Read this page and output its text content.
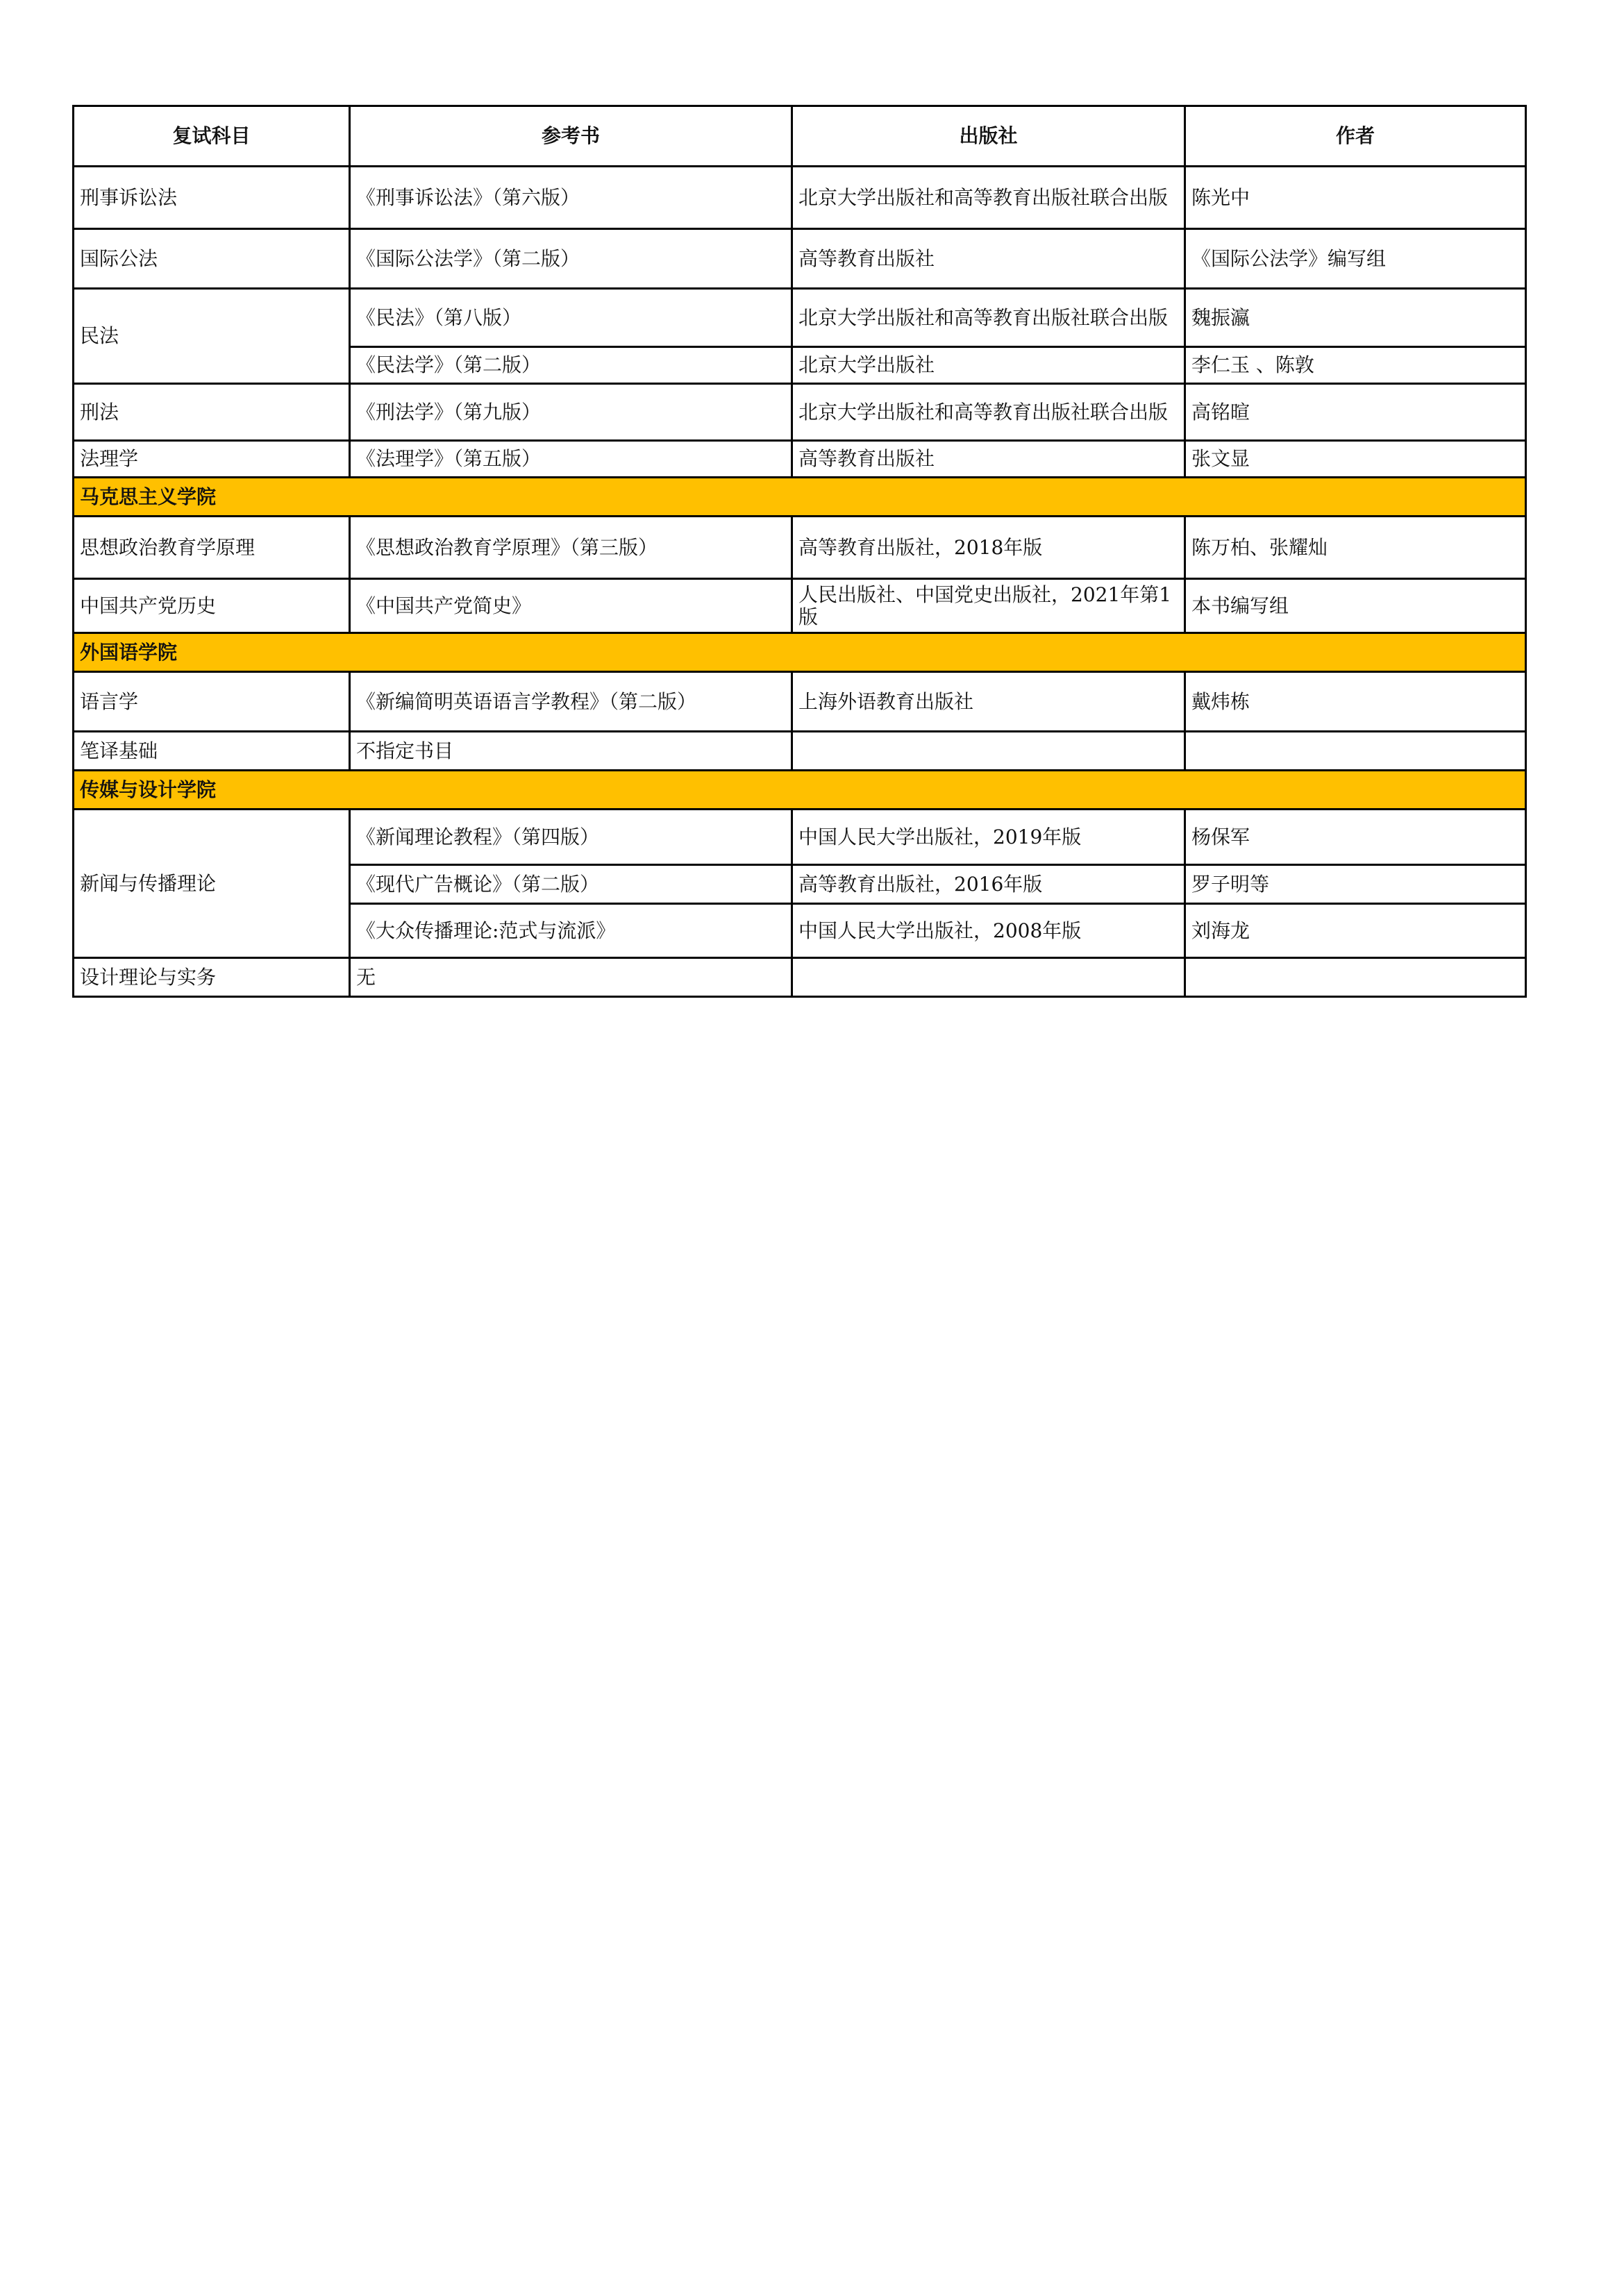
复试科目	参考书	出版社	作者
刑事诉讼法	《刑事诉讼法》（第六版）	北京大学出版社和高等教育出版社联合出版	陈光中
国际公法	《国际公法学》（第二版）	高等教育出版社	《国际公法学》编写组
民法	《民法》（第八版）	北京大学出版社和高等教育出版社联合出版	魏振瀛
	《民法学》（第二版）	北京大学出版社	李仁玉 、陈敦
刑法	《刑法学》（第九版）	北京大学出版社和高等教育出版社联合出版	高铭暄
法理学	《法理学》（第五版）	高等教育出版社	张文显
马克思主义学院			
思想政治教育学原理	《思想政治教育学原理》（第三版）	高等教育出版社，2018年版	陈万柏、张耀灿
中国共产党历史	《中国共产党简史》	人民出版社、中国党史出版社，2021年第1版	本书编写组
外国语学院			
语言学	《新编简明英语语言学教程》（第二版）	上海外语教育出版社	戴炜栋
笔译基础	不指定书目		
传媒与设计学院			
新闻与传播理论	《新闻理论教程》（第四版）	中国人民大学出版社，2019年版	杨保军
	《现代广告概论》（第二版）	高等教育出版社，2016年版	罗子明等
	《大众传播理论:范式与流派》	中国人民大学出版社，2008年版	刘海龙
设计理论与实务	无		
